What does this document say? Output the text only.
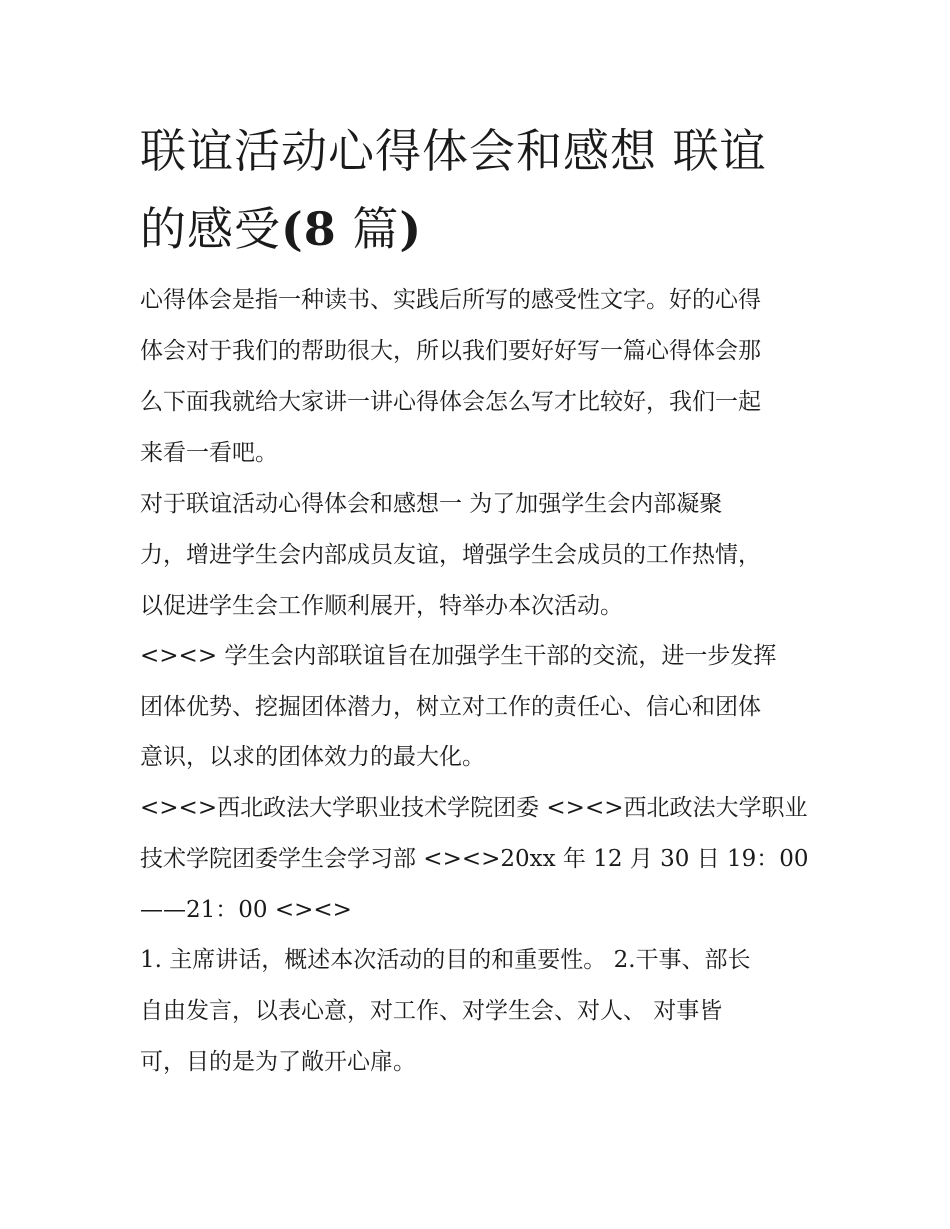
联谊活动心得体会和感想 联谊
的感受(8 篇)
心得体会是指一种读书、实践后所写的感受性文字。好的心得
体会对于我们的帮助很大，所以我们要好好写一篇心得体会那
么下面我就给大家讲一讲心得体会怎么写才比较好，我们一起
来看一看吧。
对于联谊活动心得体会和感想一 为了加强学生会内部凝聚
力，增进学生会内部成员友谊，增强学生会成员的工作热情，
以促进学生会工作顺利展开，特举办本次活动。
<><> 学生会内部联谊旨在加强学生干部的交流，进一步发挥
团体优势、挖掘团体潜力，树立对工作的责任心、信心和团体
意识，以求的团体效力的最大化。
<><>西北政法大学职业技术学院团委 <><>西北政法大学职业
技术学院团委学生会学习部 <><>20xx 年 12 月 30 日 19：00
——21：00 <><>
1. 主席讲话，概述本次活动的目的和重要性。 2.干事、部长
自由发言，以表心意，对工作、对学生会、对人、 对事皆
可，目的是为了敞开心扉。
